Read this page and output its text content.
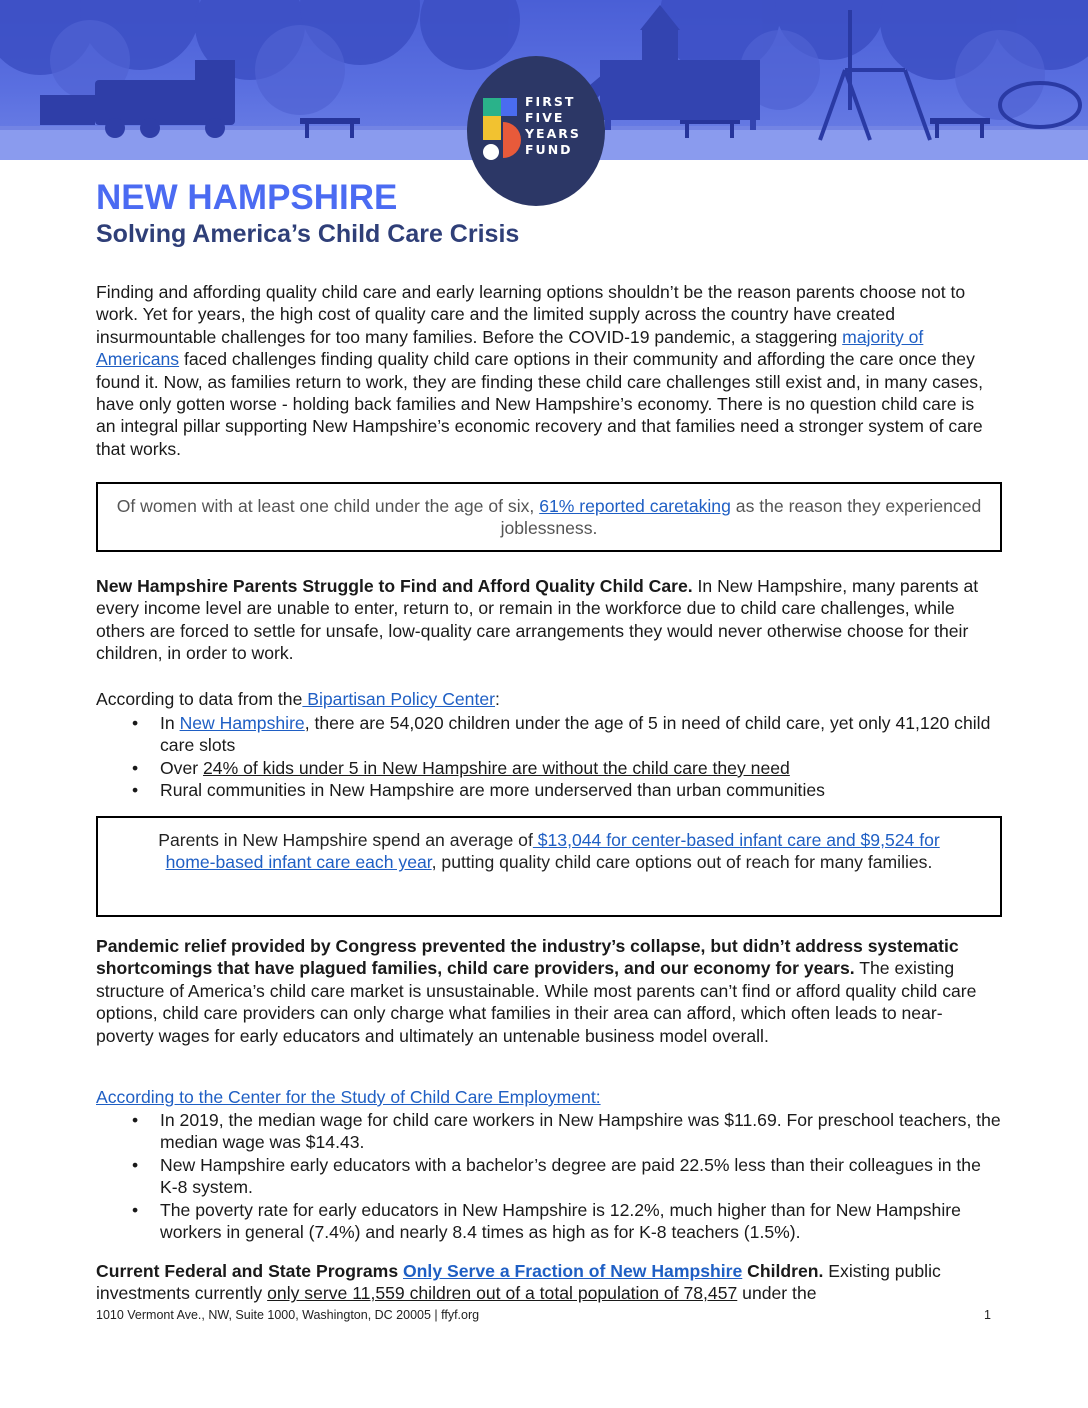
FIRST
FIVE
YEARS
FUND
NEW HAMPSHIRE
Solving America’s Child Care Crisis
Finding and affording quality child care and early learning options shouldn’t be the reason parents choose not to work. Yet for years, the high cost of quality care and the limited supply across the country have created insurmountable challenges for too many families. Before the COVID-19 pandemic, a staggering majority of Americans faced challenges finding quality child care options in their community and affording the care once they found it. Now, as families return to work, they are finding these child care challenges still exist and, in many cases, have only gotten worse - holding back families and New Hampshire’s economy. There is no question child care is an integral pillar supporting New Hampshire’s economic recovery and that families need a stronger system of care that works.
Of women with at least one child under the age of six, 61% reported caretaking as the reason they experienced joblessness.
New Hampshire Parents Struggle to Find and Afford Quality Child Care. In New Hampshire, many parents at every income level are unable to enter, return to, or remain in the workforce due to child care challenges, while others are forced to settle for unsafe, low-quality care arrangements they would never otherwise choose for their children, in order to work.
According to data from the Bipartisan Policy Center:
• In New Hampshire, there are 54,020 children under the age of 5 in need of child care, yet only 41,120 child care slots
• Over 24% of kids under 5 in New Hampshire are without the child care they need
• Rural communities in New Hampshire are more underserved than urban communities
Parents in New Hampshire spend an average of $13,044 for center-based infant care and $9,524 for home-based infant care each year, putting quality child care options out of reach for many families.
Pandemic relief provided by Congress prevented the industry’s collapse, but didn’t address systematic shortcomings that have plagued families, child care providers, and our economy for years. The existing structure of America’s child care market is unsustainable. While most parents can’t find or afford quality child care options, child care providers can only charge what families in their area can afford, which often leads to near-poverty wages for early educators and ultimately an untenable business model overall.
According to the Center for the Study of Child Care Employment:
• In 2019, the median wage for child care workers in New Hampshire was $11.69. For preschool teachers, the median wage was $14.43.
• New Hampshire early educators with a bachelor’s degree are paid 22.5% less than their colleagues in the K-8 system.
• The poverty rate for early educators in New Hampshire is 12.2%, much higher than for New Hampshire workers in general (7.4%) and nearly 8.4 times as high as for K-8 teachers (1.5%).
Current Federal and State Programs Only Serve a Fraction of New Hampshire Children. Existing public investments currently only serve 11,559 children out of a total population of 78,457 under the
1010 Vermont Ave., NW, Suite 1000, Washington, DC 20005 | ffyf.org	1
